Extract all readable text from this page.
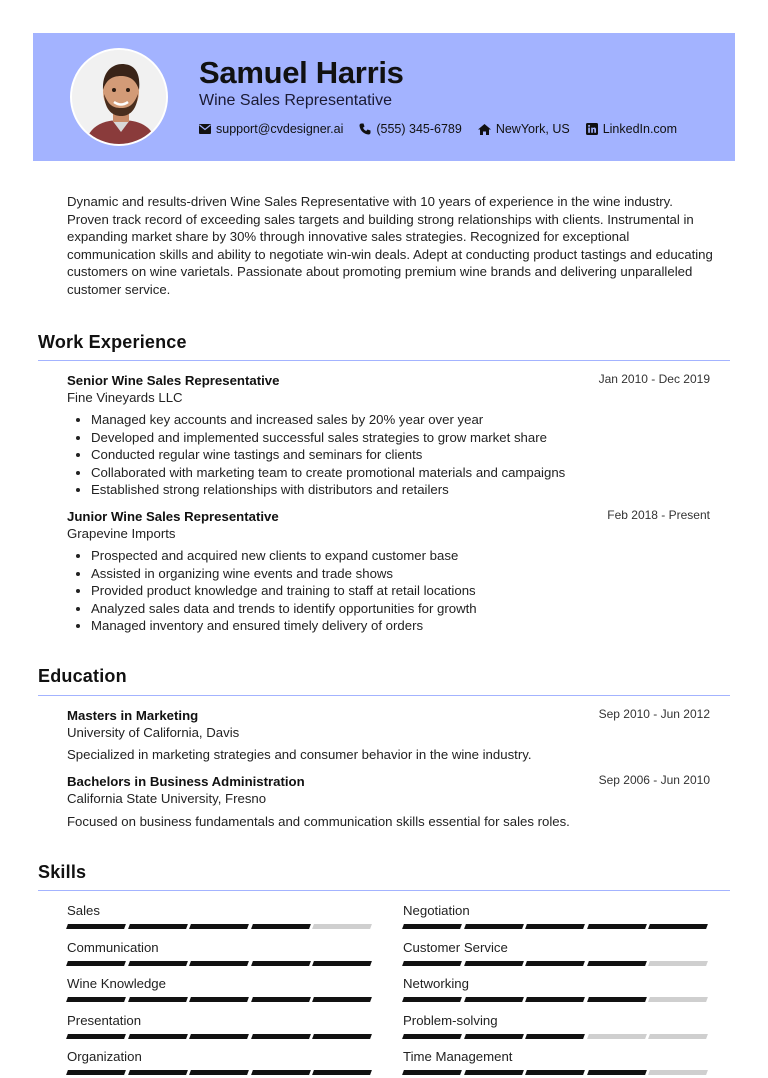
Samuel Harris
Wine Sales Representative
support@cvdesigner.ai	(555) 345-6789	NewYork, US	LinkedIn.com
Dynamic and results-driven Wine Sales Representative with 10 years of experience in the wine industry. Proven track record of exceeding sales targets and building strong relationships with clients. Instrumental in expanding market share by 30% through innovative sales strategies. Recognized for exceptional communication skills and ability to negotiate win-win deals. Adept at conducting product tastings and educating customers on wine varietals. Passionate about promoting premium wine brands and delivering unparalleled customer service.
Work Experience
Senior Wine Sales Representative	Jan 2010 - Dec 2019
Fine Vineyards LLC
Managed key accounts and increased sales by 20% year over year
Developed and implemented successful sales strategies to grow market share
Conducted regular wine tastings and seminars for clients
Collaborated with marketing team to create promotional materials and campaigns
Established strong relationships with distributors and retailers
Junior Wine Sales Representative	Feb 2018 - Present
Grapevine Imports
Prospected and acquired new clients to expand customer base
Assisted in organizing wine events and trade shows
Provided product knowledge and training to staff at retail locations
Analyzed sales data and trends to identify opportunities for growth
Managed inventory and ensured timely delivery of orders
Education
Masters in Marketing	Sep 2010 - Jun 2012
University of California, Davis
Specialized in marketing strategies and consumer behavior in the wine industry.
Bachelors in Business Administration	Sep 2006 - Jun 2010
California State University, Fresno
Focused on business fundamentals and communication skills essential for sales roles.
Skills
Sales	Negotiation
Communication	Customer Service
Wine Knowledge	Networking
Presentation	Problem-solving
Organization	Time Management
